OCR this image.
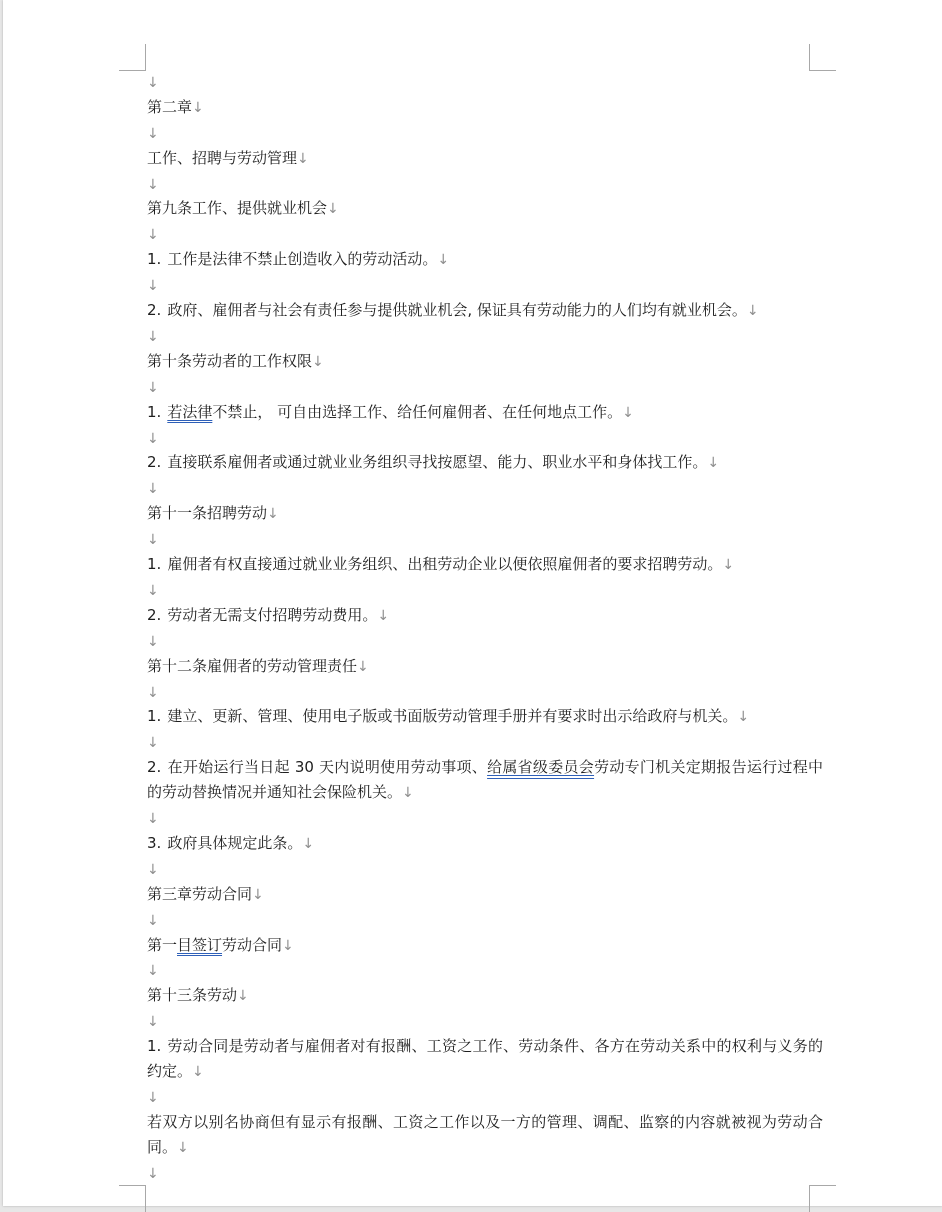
↓

第二章↓

↓

工作、招聘与劳动管理↓

↓

第九条工作、提供就业机会↓

↓

1. 工作是法律不禁止创造收入的劳动活动。↓

↓

2. 政府、雇佣者与社会有责任参与提供就业机会, 保证具有劳动能力的人们均有就业机会。↓

↓

第十条劳动者的工作权限↓

↓

1. 若法律不禁止， 可自由选择工作、给任何雇佣者、在任何地点工作。↓

↓

2. 直接联系雇佣者或通过就业业务组织寻找按愿望、能力、职业水平和身体找工作。↓

↓

第十一条招聘劳动↓

↓

1. 雇佣者有权直接通过就业业务组织、出租劳动企业以便依照雇佣者的要求招聘劳动。↓

↓

2. 劳动者无需支付招聘劳动费用。↓

↓

第十二条雇佣者的劳动管理责任↓

↓

1. 建立、更新、管理、使用电子版或书面版劳动管理手册并有要求时出示给政府与机关。↓

↓

2. 在开始运行当日起 30 天内说明使用劳动事项、给属省级委员会劳动专门机关定期报告运行过程中的劳动替换情况并通知社会保险机关。↓

↓

3. 政府具体规定此条。↓

↓

第三章劳动合同↓

↓

第一目签订劳动合同↓

↓

第十三条劳动↓

↓

1. 劳动合同是劳动者与雇佣者对有报酬、工资之工作、劳动条件、各方在劳动关系中的权利与义务的约定。↓

↓

若双方以别名协商但有显示有报酬、工资之工作以及一方的管理、调配、监察的内容就被视为劳动合同。↓

↓
